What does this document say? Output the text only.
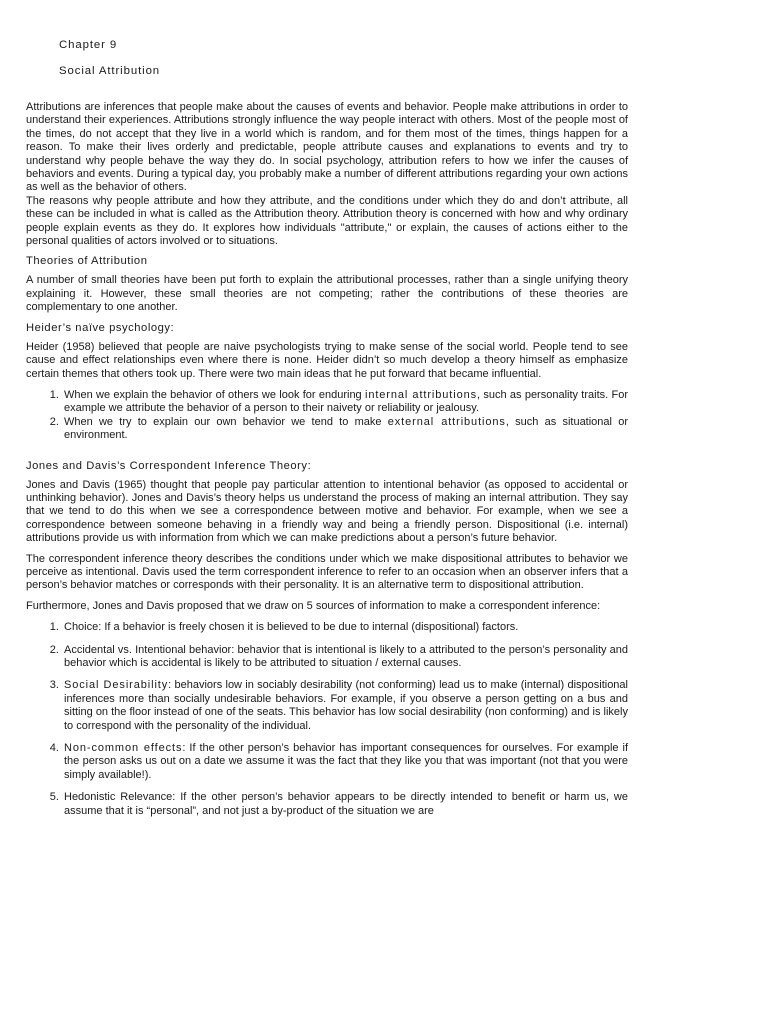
Chapter 9
Social Attribution

Attributions are inferences that people make about the causes of events and behavior. People make attributions in order to understand their experiences. Attributions strongly influence the way people interact with others. Most of the people most of the times, do not accept that they live in a world which is random, and for them most of the times, things happen for a reason. To make their lives orderly and predictable, people attribute causes and explanations to events and try to understand why people behave the way they do. In social psychology, attribution refers to how we infer the causes of behaviors and events. During a typical day, you probably make a number of different attributions regarding your own actions as well as the behavior of others.

The reasons why people attribute and how they attribute, and the conditions under which they do and don’t attribute, all these can be included in what is called as the Attribution theory. Attribution theory is concerned with how and why ordinary people explain events as they do. It explores how individuals "attribute," or explain, the causes of actions either to the personal qualities of actors involved or to situations.

Theories of Attribution

A number of small theories have been put forth to explain the attributional processes, rather than a single unifying theory explaining it. However, these small theories are not competing; rather the contributions of these theories are complementary to one another.

Heider’s naïve psychology:

Heider (1958) believed that people are naive psychologists trying to make sense of the social world. People tend to see cause and effect relationships even where there is none. Heider didn’t so much develop a theory himself as emphasize certain themes that others took up. There were two main ideas that he put forward that became influential.

1. When we explain the behavior of others we look for enduring internal attributions, such as personality traits. For example we attribute the behavior of a person to their naivety or reliability or jealousy.
2. When we try to explain our own behavior we tend to make external attributions, such as situational or environment.
Jones and Davis’s Correspondent Inference Theory:

Jones and Davis (1965) thought that people pay particular attention to intentional behavior (as opposed to accidental or unthinking behavior). Jones and Davis’s theory helps us understand the process of making an internal attribution. They say that we tend to do this when we see a correspondence between motive and behavior. For example, when we see a correspondence between someone behaving in a friendly way and being a friendly person. Dispositional (i.e. internal) attributions provide us with information from which we can make predictions about a person’s future behavior.

The correspondent inference theory describes the conditions under which we make dispositional attributes to behavior we perceive as intentional. Davis used the term correspondent inference to refer to an occasion when an observer infers that a person’s behavior matches or corresponds with their personality. It is an alternative term to dispositional attribution.

Furthermore, Jones and Davis proposed that we draw on 5 sources of information to make a correspondent inference:

1. Choice: If a behavior is freely chosen it is believed to be due to internal (dispositional) factors.
2. Accidental vs. Intentional behavior: behavior that is intentional is likely to a attributed to the person’s personality and behavior which is accidental is likely to be attributed to situation / external causes.
3. Social Desirability: behaviors low in sociably desirability (not conforming) lead us to make (internal) dispositional inferences more than socially undesirable behaviors. For example, if you observe a person getting on a bus and sitting on the floor instead of one of the seats. This behavior has low social desirability (non conforming) and is likely to correspond with the personality of the individual.
4. Non-common effects: If the other person’s behavior has important consequences for ourselves. For example if the person asks us out on a date we assume it was the fact that they like you that was important (not that you were simply available!).
5. Hedonistic Relevance: If the other person’s behavior appears to be directly intended to benefit or harm us, we assume that it is “personal”, and not just a by-product of the situation we are
